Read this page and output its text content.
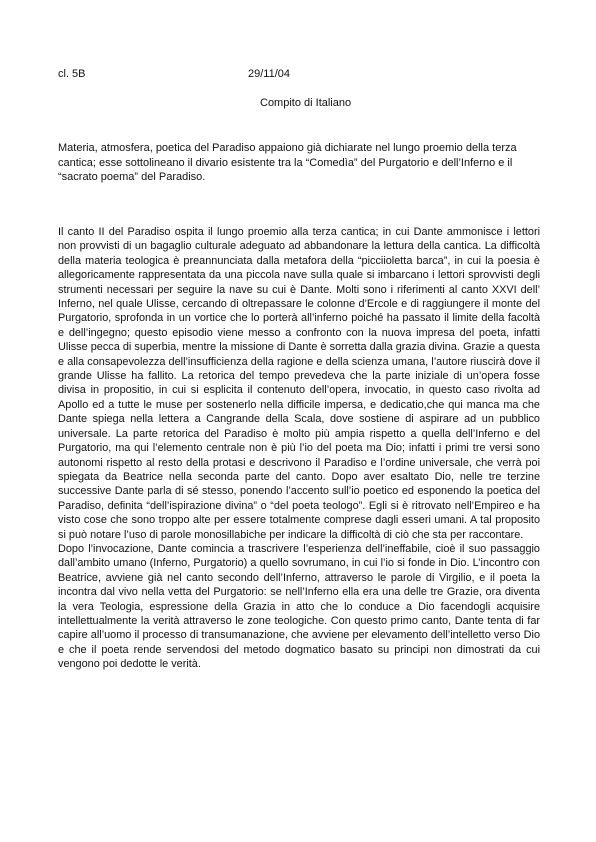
cl. 5B	29/11/04
Compito di Italiano

Materia, atmosfera, poetica del Paradiso appaiono già dichiarate nel lungo proemio della terza cantica; esse sottolineano il divario esistente tra la “Comedìa” del Purgatorio e dell’Inferno e il “sacrato poema” del Paradiso.

Il canto II del Paradiso ospita il lungo proemio alla terza cantica; in cui Dante ammonisce i lettori non provvisti di un bagaglio culturale adeguato ad abbandonare la lettura della cantica. La difficoltà della materia teologica è preannunciata dalla metafora della “picciioletta barca”, in cui la poesia è allegoricamente rappresentata da una piccola nave sulla quale si imbarcano i lettori sprovvisti degli strumenti necessari per seguire la nave su cui è Dante. Molti sono i riferimenti al canto XXVI dell’ Inferno, nel quale Ulisse, cercando di oltrepassare le colonne d’Ercole e di raggiungere il monte del Purgatorio, sprofonda in un vortice che lo porterà all’inferno poiché ha passato il limite della facoltà e dell’ingegno; questo episodio viene messo a confronto con la nuova impresa del poeta, infatti Ulisse pecca di superbia, mentre la missione di Dante è sorretta dalla grazia divina. Grazie a questa e alla consapevolezza dell’insufficienza della ragione e della scienza umana, l’autore riuscirà dove il grande Ulisse ha fallito. La retorica del tempo prevedeva che la parte iniziale di un’opera fosse divisa in propositio, in cui si esplicita il contenuto dell’opera, invocatio, in questo caso rivolta ad Apollo ed a tutte le muse per sostenerlo nella difficile impersa, e dedicatio,che qui manca ma che Dante spiega nella lettera a Cangrande della Scala, dove sostiene di aspirare ad un pubblico universale. La parte retorica del Paradiso è molto più ampia rispetto a quella dell’Inferno e del Purgatorio, ma qui l’elemento centrale non è più l’io del poeta ma Dio; infatti i primi tre versi sono autonomi rispetto al resto della protasi e descrivono il Paradiso e l’ordine universale, che verrà poi spiegata da Beatrice nella seconda parte del canto. Dopo aver esaltato Dio, nelle tre terzine successive Dante parla di sé stesso, ponendo l’accento sull’io poetico ed esponendo la poetica del Paradiso, definita “dell’ispirazione divina” o “del poeta teologo”. Egli si è ritrovato nell’Empireo e ha visto cose che sono troppo alte per essere totalmente comprese dagli esseri umani. A tal proposito si può notare l’uso di parole monosillabiche per indicare la difficoltà di ciò che sta per raccontare.

Dopo l’invocazione, Dante comincia a trascrivere l’esperienza dell’ineffabile, cioè il suo passaggio dall’ambito umano (Inferno, Purgatorio) a quello sovrumano, in cui l’io si fonde in Dio. L’incontro con Beatrice, avviene già nel canto secondo dell’Inferno, attraverso le parole di Virgilio, e il poeta la incontra dal vivo nella vetta del Purgatorio: se nell’Inferno ella era una delle tre Grazie, ora diventa la vera Teologia, espressione della Grazia in atto che lo conduce a Dio facendogli acquisire intellettualmente la verità attraverso le zone teologiche. Con questo primo canto, Dante tenta di far capire all’uomo il processo di transumanazione, che avviene per elevamento dell’intelletto verso Dio e che il poeta rende servendosi del metodo dogmatico basato su principi non dimostrati da cui vengono poi dedotte le verità.
